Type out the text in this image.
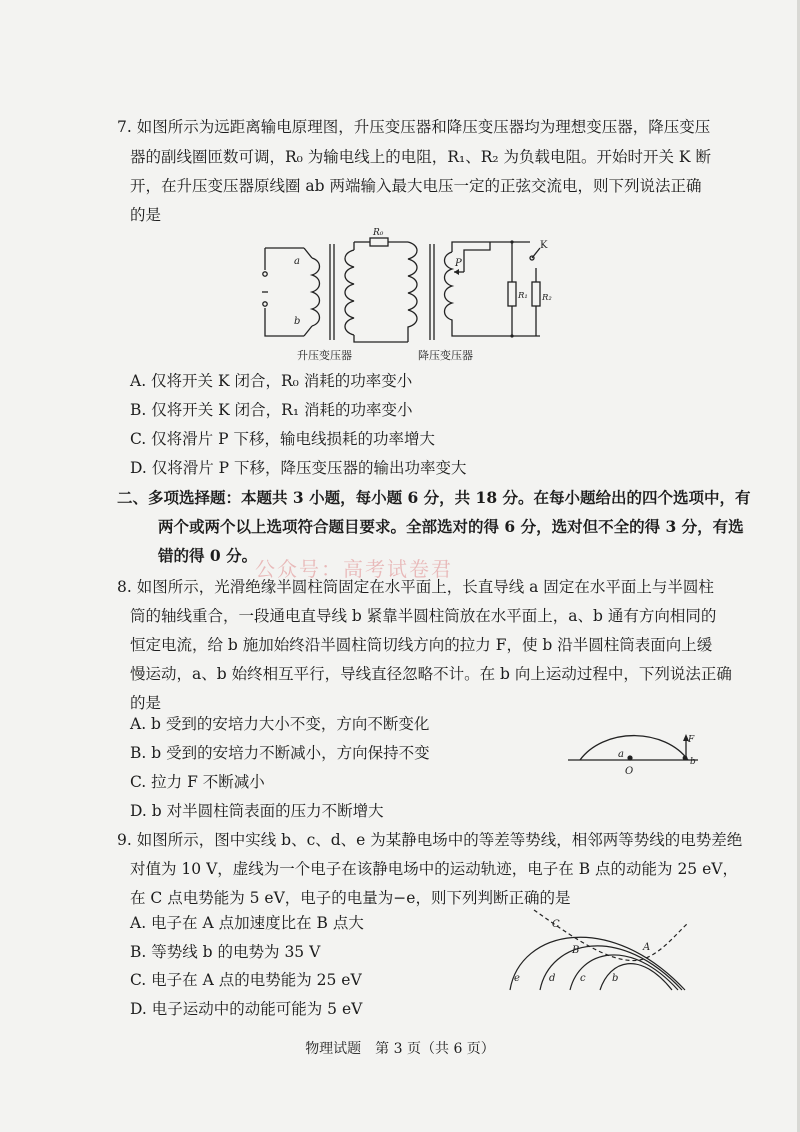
7. 如图所示为远距离输电原理图，升压变压器和降压变压器均为理想变压器，降压变压
器的副线圈匝数可调，R₀ 为输电线上的电阻，R₁、R₂ 为负载电阻。开始时开关 K 断
开，在升压变压器原线圈 ab 两端输入最大电压一定的正弦交流电，则下列说法正确
的是
R₀
a
b
P
K
R₁ R₂
升压变压器	降压变压器
A. 仅将开关 K 闭合，R₀ 消耗的功率变小
B. 仅将开关 K 闭合，R₁ 消耗的功率变小
C. 仅将滑片 P 下移，输电线损耗的功率增大
D. 仅将滑片 P 下移，降压变压器的输出功率变大
二、多项选择题：本题共 3 小题，每小题 6 分，共 18 分。在每小题给出的四个选项中，有
两个或两个以上选项符合题目要求。全部选对的得 6 分，选对但不全的得 3 分，有选
错的得 0 分。
公众号：高考试卷君
8. 如图所示，光滑绝缘半圆柱筒固定在水平面上，长直导线 a 固定在水平面上与半圆柱
筒的轴线重合，一段通电直导线 b 紧靠半圆柱筒放在水平面上，a、b 通有方向相同的
恒定电流，给 b 施加始终沿半圆柱筒切线方向的拉力 F，使 b 沿半圆柱筒表面向上缓
慢运动，a、b 始终相互平行，导线直径忽略不计。在 b 向上运动过程中，下列说法正确
的是
A. b 受到的安培力大小不变，方向不断变化
B. b 受到的安培力不断减小，方向保持不变
C. 拉力 F 不断减小
D. b 对半圆柱筒表面的压力不断增大
a
O
F
b
9. 如图所示，图中实线 b、c、d、e 为某静电场中的等差等势线，相邻两等势线的电势差绝
对值为 10 V，虚线为一个电子在该静电场中的运动轨迹，电子在 B 点的动能为 25 eV，
在 C 点电势能为 5 eV，电子的电量为−e，则下列判断正确的是
A. 电子在 A 点加速度比在 B 点大
B. 等势线 b 的电势为 35 V
C. 电子在 A 点的电势能为 25 eV
D. 电子运动中的动能可能为 5 eV
C
B	A
e	d c	b
物理试题　第 3 页（共 6 页）
